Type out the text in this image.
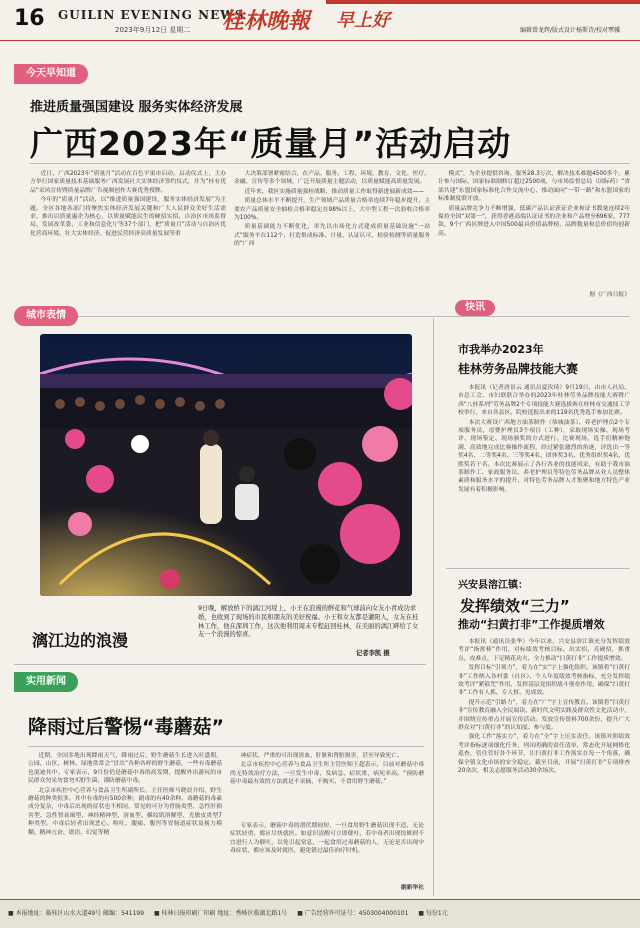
16 GUILIN EVENING NEWS
2023年9月12日 星期二 桂林晚報 早上好	编辑曾龙辉/版式设计杨斯诗/校对覃骥
今天早知道
推进质量强国建设 服务实体经济发展
广西2023年“质量月”活动启动

近日，广西2023年“质量月”活动在百色平果市启动。启动仪式上，主办方举行国家质量技术基础服务广西发展社大实体经济签约仪式，并为“桂有优品”采风宣传暨质量品牌广告视频创作大赛优秀授牌。

今年的“质量月”活动，以“推进质量强国建设，服务实体经济发展”为主题。全区各地各部门将聚焦实体经济发展关键和广大人民群众美好生活需求，推出以质量惠企为核心，以质量赋能民生的硬招实招，自治区市场监督局、发展改革委、工业和信息化厅等37个部门，把“质量月”活动与自治区优化营商环境、壮大实体经济、促进民营经济高质量发展等重

大决策部署紧密结合，在产品、服务、工程、环境、教育、文化、医疗、金融、宣传等多个领域，广泛开展质量主题活动，以质量赋能高质量发展。

近年来，我区实施质量强桂战略，推动质量工作取得新进展新成效——

质量总体水平不断提升，生产领域产品质量合格率连续7年稳步提升，主要农产品质量安全抽检合格率稳定在98%以上，大中型工程一次验收合格率为100%。

质量基础能力不断优化，率先以市场化方式建成质量基础设施“一站式”服务平台112个，打造集成标准、计量、认证认可、检验检测等质量服务的“广西

模式”，为企业提供咨询、服务28.3万次，解决技术难题4500多个，累计参与国际、国家标准制修订超过2500项，与市场监督总局（国际药）“省部共建”东盟国家标准化合作交流中心、推动面向“一带一路”和东盟国家的标准制度联开放。

质量品牌竞争力不断增强，低碳产品认证获证企业和证书数量连续2年保持全国“双第一”，获得香港高端认证证书的企业和产品增至696家，777款，9个广西区牌进入中国500最具价值品牌榜，品牌数量和总价值均创新高。

据《广西日报》
城市表情
9日晚，解放桥下的漓江河堤上，小王在浪漫的鲜花和气球前向女友小青成功求婚，也收到了现场的市民和朋友的美好祝福。小王和女友都是灌阳人，女友在桂林工作，他在深圳工作，这次他利用周末专程赶回桂林，在美丽的漓江畔给了女友一个浪漫的惊喜。
记者李凯 摄
漓江边的浪漫
实用新闻
降雨过后警惕“毒蘑菇”

近期，全国多地出现降雨天气，降雨过后，野生蘑菇生长进入旺盛期，公园、山区、树林、绿地常常会“冒出”各种各样的野生蘑菇，一些有毒蘑菇也混迹其中。专家表示，9月份仍是蘑菇中毒的高发期，提醒外出游玩的市民群众勿采勿食勿买野生菌，谨防蘑菇中毒。

北京市疾控中心营养与食品卫生所副所长，主任医师马晓晨介绍，野生蘑菇的种类很多，其中有毒的有500余种，剧毒的有40余种。毒蘑菇的毒素成分复杂，中毒后出现的症状也不相同，常见的可分为胃肠炎型、急性肝损害型、急性肾衰竭型、神经精神型、溶血型、横纹肌溶解型、光敏皮炎型7种类型。中毒后轻者出现恶心、呕吐、腹痛、腹泻等胃肠道症状及视力模糊、精神亢奋、谵语、幻觉等精

神症状，严重的可出现溶血、肝脏和肾脏损害，甚至导致死亡。

北京市疾控中心营养与食品卫生所主管医师王超表示，目前对蘑菇中毒尚无特效治疗方法，一旦发生中毒，发病急、症状重、病死率高。“预防蘑菇中毒最有效的方法就是不采摘、不购买、不食用野生蘑菇。”

专家表示，蘑菇中毒的潜伏期较短，一旦食用野生蘑菇出现不适，无论症状轻重，都应尽快就医。如意识清醒可立即催吐，若中毒者出现惊厥则不宜进行人为催吐，以免引起窒息，一起食用过毒蘑菇的人，无论是否出现中毒症状，都应该及时就医，避免错过最佳治疗时机。

据新华社
快讯
市我举办2023年
桂林劳务品牌技能大赛

本报讯（记者唐景云 通讯员夏玫琦）9月19日，由市人社局、市总工会、市妇联联合举办的2023年桂林劳务品牌技能大赛暨广西“八桂系列”劳务品牌2个专项技能大赛选拔赛在桂林市交通技工学校举行，来自各县区、院校选报出来的119名优秀选手参加比赛。

本次大赛设广西地方油茶制作（恭城油茶）、养老护理员2个专项服务员，母婴护理员3个项目（工种），采取现场实操、现场考评、现场鉴定、现场颁奖的方式进行。比赛现场，选手们精神饱满、高效地完成比赛操作流程，经过紧张激烈的角逐，评选出一等奖4名、二等奖4名、三等奖4名、团体奖3名、优秀组织奖4名、优胜奖若干名。本次比赛展示了各行各业的技能风采，有助于我市油茶制作工、家政服务员、养老护理员等特色劳务品牌从业人员整体素质和服务水平的提升，对特色劳务品牌人才集聚和地方特色产业发展有着积极影响。

兴安县溶江镇：
发挥绩效“三力”
推动“扫黄打非”工作提质增效

本报讯（通讯员张华）今年以来，兴安县溶江镇充分发挥绩效考评“指挥棒”作用，对标绩效考核目标，出实招，亮硬招，抓重点，攻难点，下足精花功夫，全力推动“扫黄打非”工作提质增效。

发挥目标“引领力”，着力在“实”字上强化组织。该镇将“扫黄打非”工作纳入各村委（社区）、个人年度绩效考核指标，充分发挥绩效考评“紧箍咒”作用，发挥基层党组织战斗堡垒作用，确保“扫黄打非”工作有人抓、专人督、见成效。

提升示范“引路力”，着力在“广”字上宣传教育。该镇将“扫黄打非”宣传教育融入全民阅读、新时代文明实践及群众性文化活动中，并围绕宣传重点开展宣传活动。发放宣传资料700余份，提升广大群众对“扫黄打非”的认知度、参与度。

强化工作“落实力”，着力在“全”字上压实责任。该镇对照绩效考评指标逐项细化任务，列出明确的责任清单，常态化开展网格化巡查，管住管好各个环节，让扫黄打非工作落实在每一个角落，确保全镇文化市场的安全稳定。截至目前，开展“扫黄打非”专项排查20余次，相关志愿服务活动30余场次。

■ 本报地址：临桂区山水大道49号 邮编：541199 ■ 桂林日报印刷厂印刷 地址：秀峰区临湖北路1号 ■ 广告经营许可证号：4503004000101 ■ 每份1元
